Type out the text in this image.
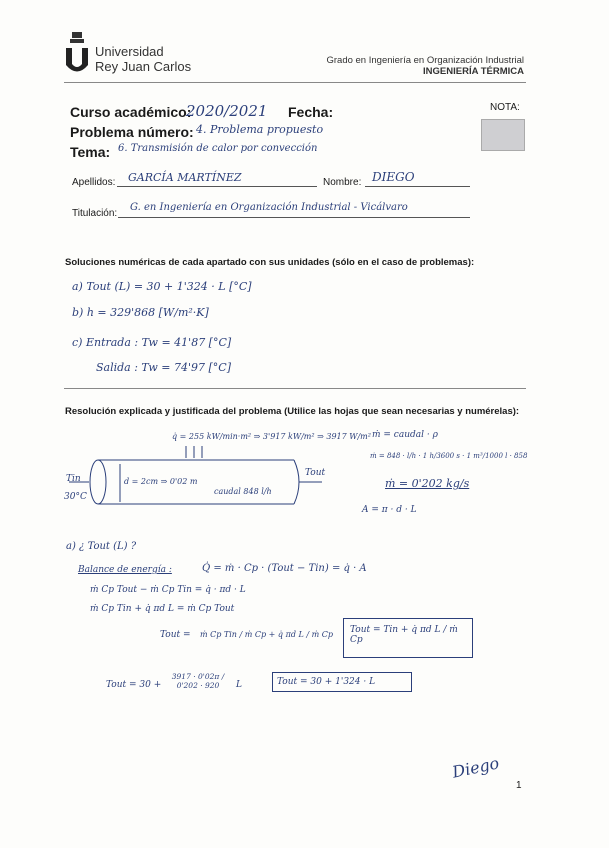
Universidad
Rey Juan Carlos	Grado en Ingeniería en Organización Industrial
INGENIERÍA TÉRMICA
Curso académico:
2020/2021 Fecha:
Problema número: 4. Problema propuesto
Tema: 6. Transmisión de calor por convección
NOTA:
Apellidos: GARCÍA MARTÍNEZ	Nombre: DIEGO
Titulación:
G. en Ingeniería en Organización Industrial - Vicálvaro
Soluciones numéricas de cada apartado con sus unidades (sólo en el caso de problemas):
a) Tout (L) = 30 + 1'324 · L [°C]
b) h = 329'868 [W/m²·K]
c) Entrada : Tw = 41'87 [°C]
Salida : Tw = 74'97 [°C]
Resolución explicada y justificada del problema (Utilice las hojas que sean necesarias y numérelas):
q̇ = 255 kW/min·m² ⇒ 3'917 kW/m² ⇒ 3917 W/m²
Tin
30°C
Tout
d = 2cm ⇒ 0'02 m
caudal 848 l/h
ṁ = caudal · ρ
ṁ = 848 · l/h · 1 h/3600 s · 1 m³/1000 l · 858
ṁ = 0'202 kg/s
A = π · d · L
a) ¿ Tout (L) ?
Balance de energía :	Q̇ = ṁ · Cp · (Tout − Tin) = q̇ · A
ṁ Cp Tout − ṁ Cp Tin = q̇ · πd · L
ṁ Cp Tin + q̇ πd L = ṁ Cp Tout
Tout = ṁ Cp Tin / ṁ Cp + q̇ πd L / ṁ Cp	Tout = Tin + q̇ πd L / ṁ Cp
Tout = 30 +
3917 · 0'02π / 0'202 · 920	L	Tout = 30 + 1'324 · L
Diego
1
